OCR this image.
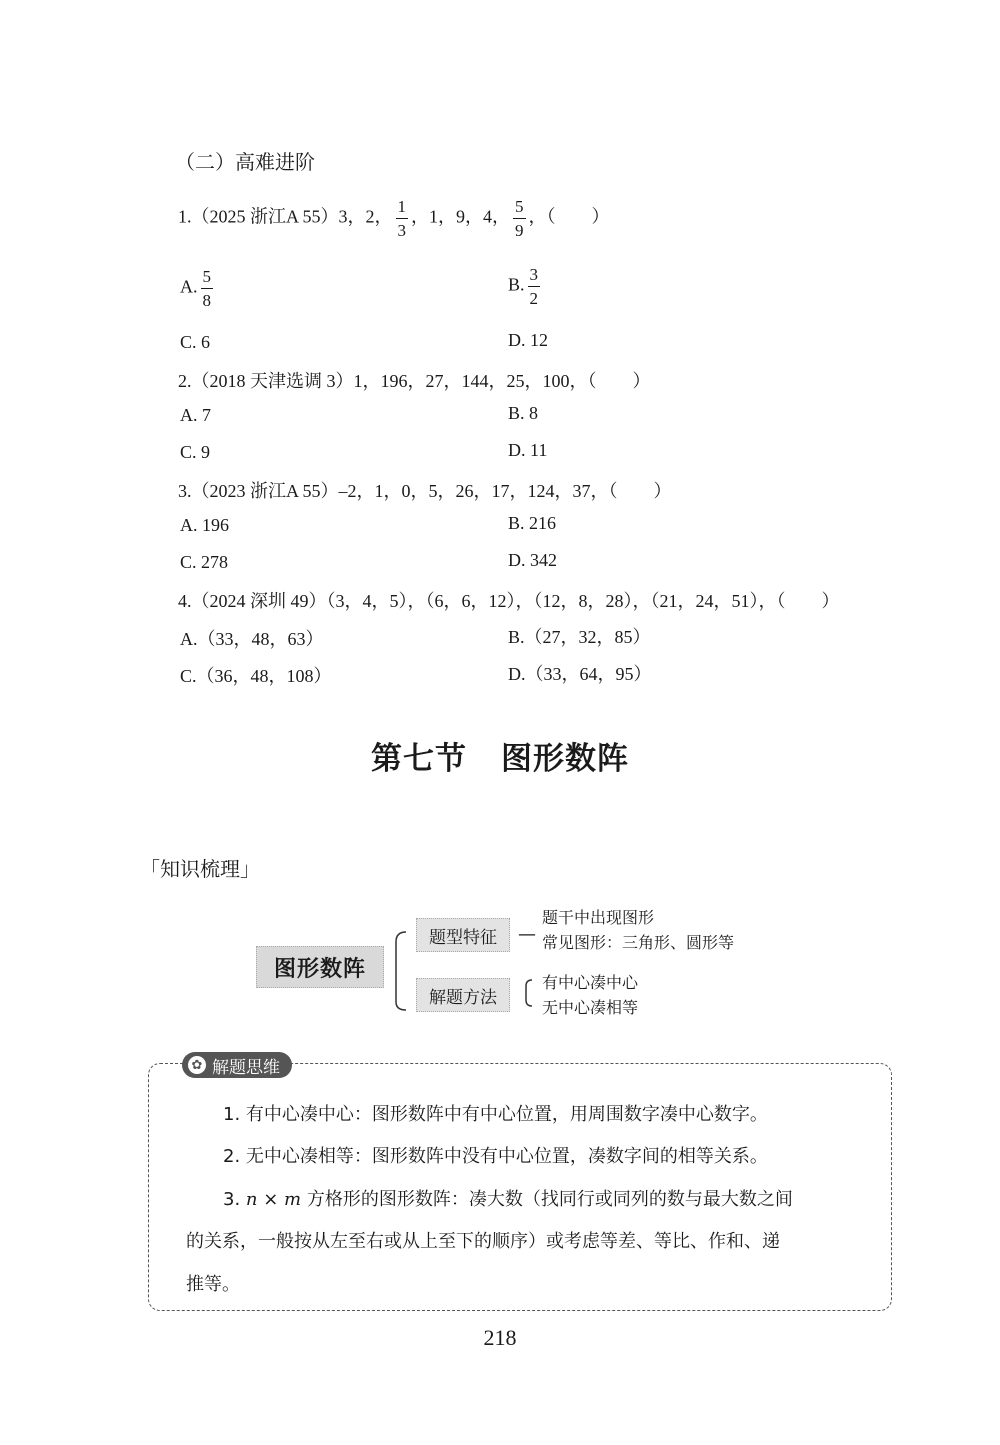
（二）高难进阶
1.（2025 浙江A 55）3，2， $\frac{1}{3}$ ，1，9，4， $\frac{5}{9}$ ，（　　）
A. $\frac{5}{8}$	B. $\frac{3}{2}$
C. 6	D. 12
2.（2018 天津选调 3）1，196，27，144，25，100，（　　）
A. 7	B. 8
C. 9	D. 11
3.（2023 浙江A 55）–2，1，0，5，26，17，124，37，（　　）
A. 196	B. 216
C. 278	D. 342
4.（2024 深圳 49）（3，4，5），（6，6，12），（12，8，28），（21，24，51），（　　）
A.（33，48，63）	B.（27，32，85）
C.（36，48，108）	D.（33，64，95）
第七节 图形数阵
「知识梳理」
图形数阵
题型特征	—
题干中出现图形
常见图形：三角形、圆形等
解题方法
有中心凑中心
无中心凑相等
✿ 解题思维
1. 有中心凑中心：图形数阵中有中心位置，用周围数字凑中心数字。
2. 无中心凑相等：图形数阵中没有中心位置，凑数字间的相等关系。
3. n × m 方格形的图形数阵：凑大数（找同行或同列的数与最大数之间
的关系，一般按从左至右或从上至下的顺序）或考虑等差、等比、作和、递
推等。
218
